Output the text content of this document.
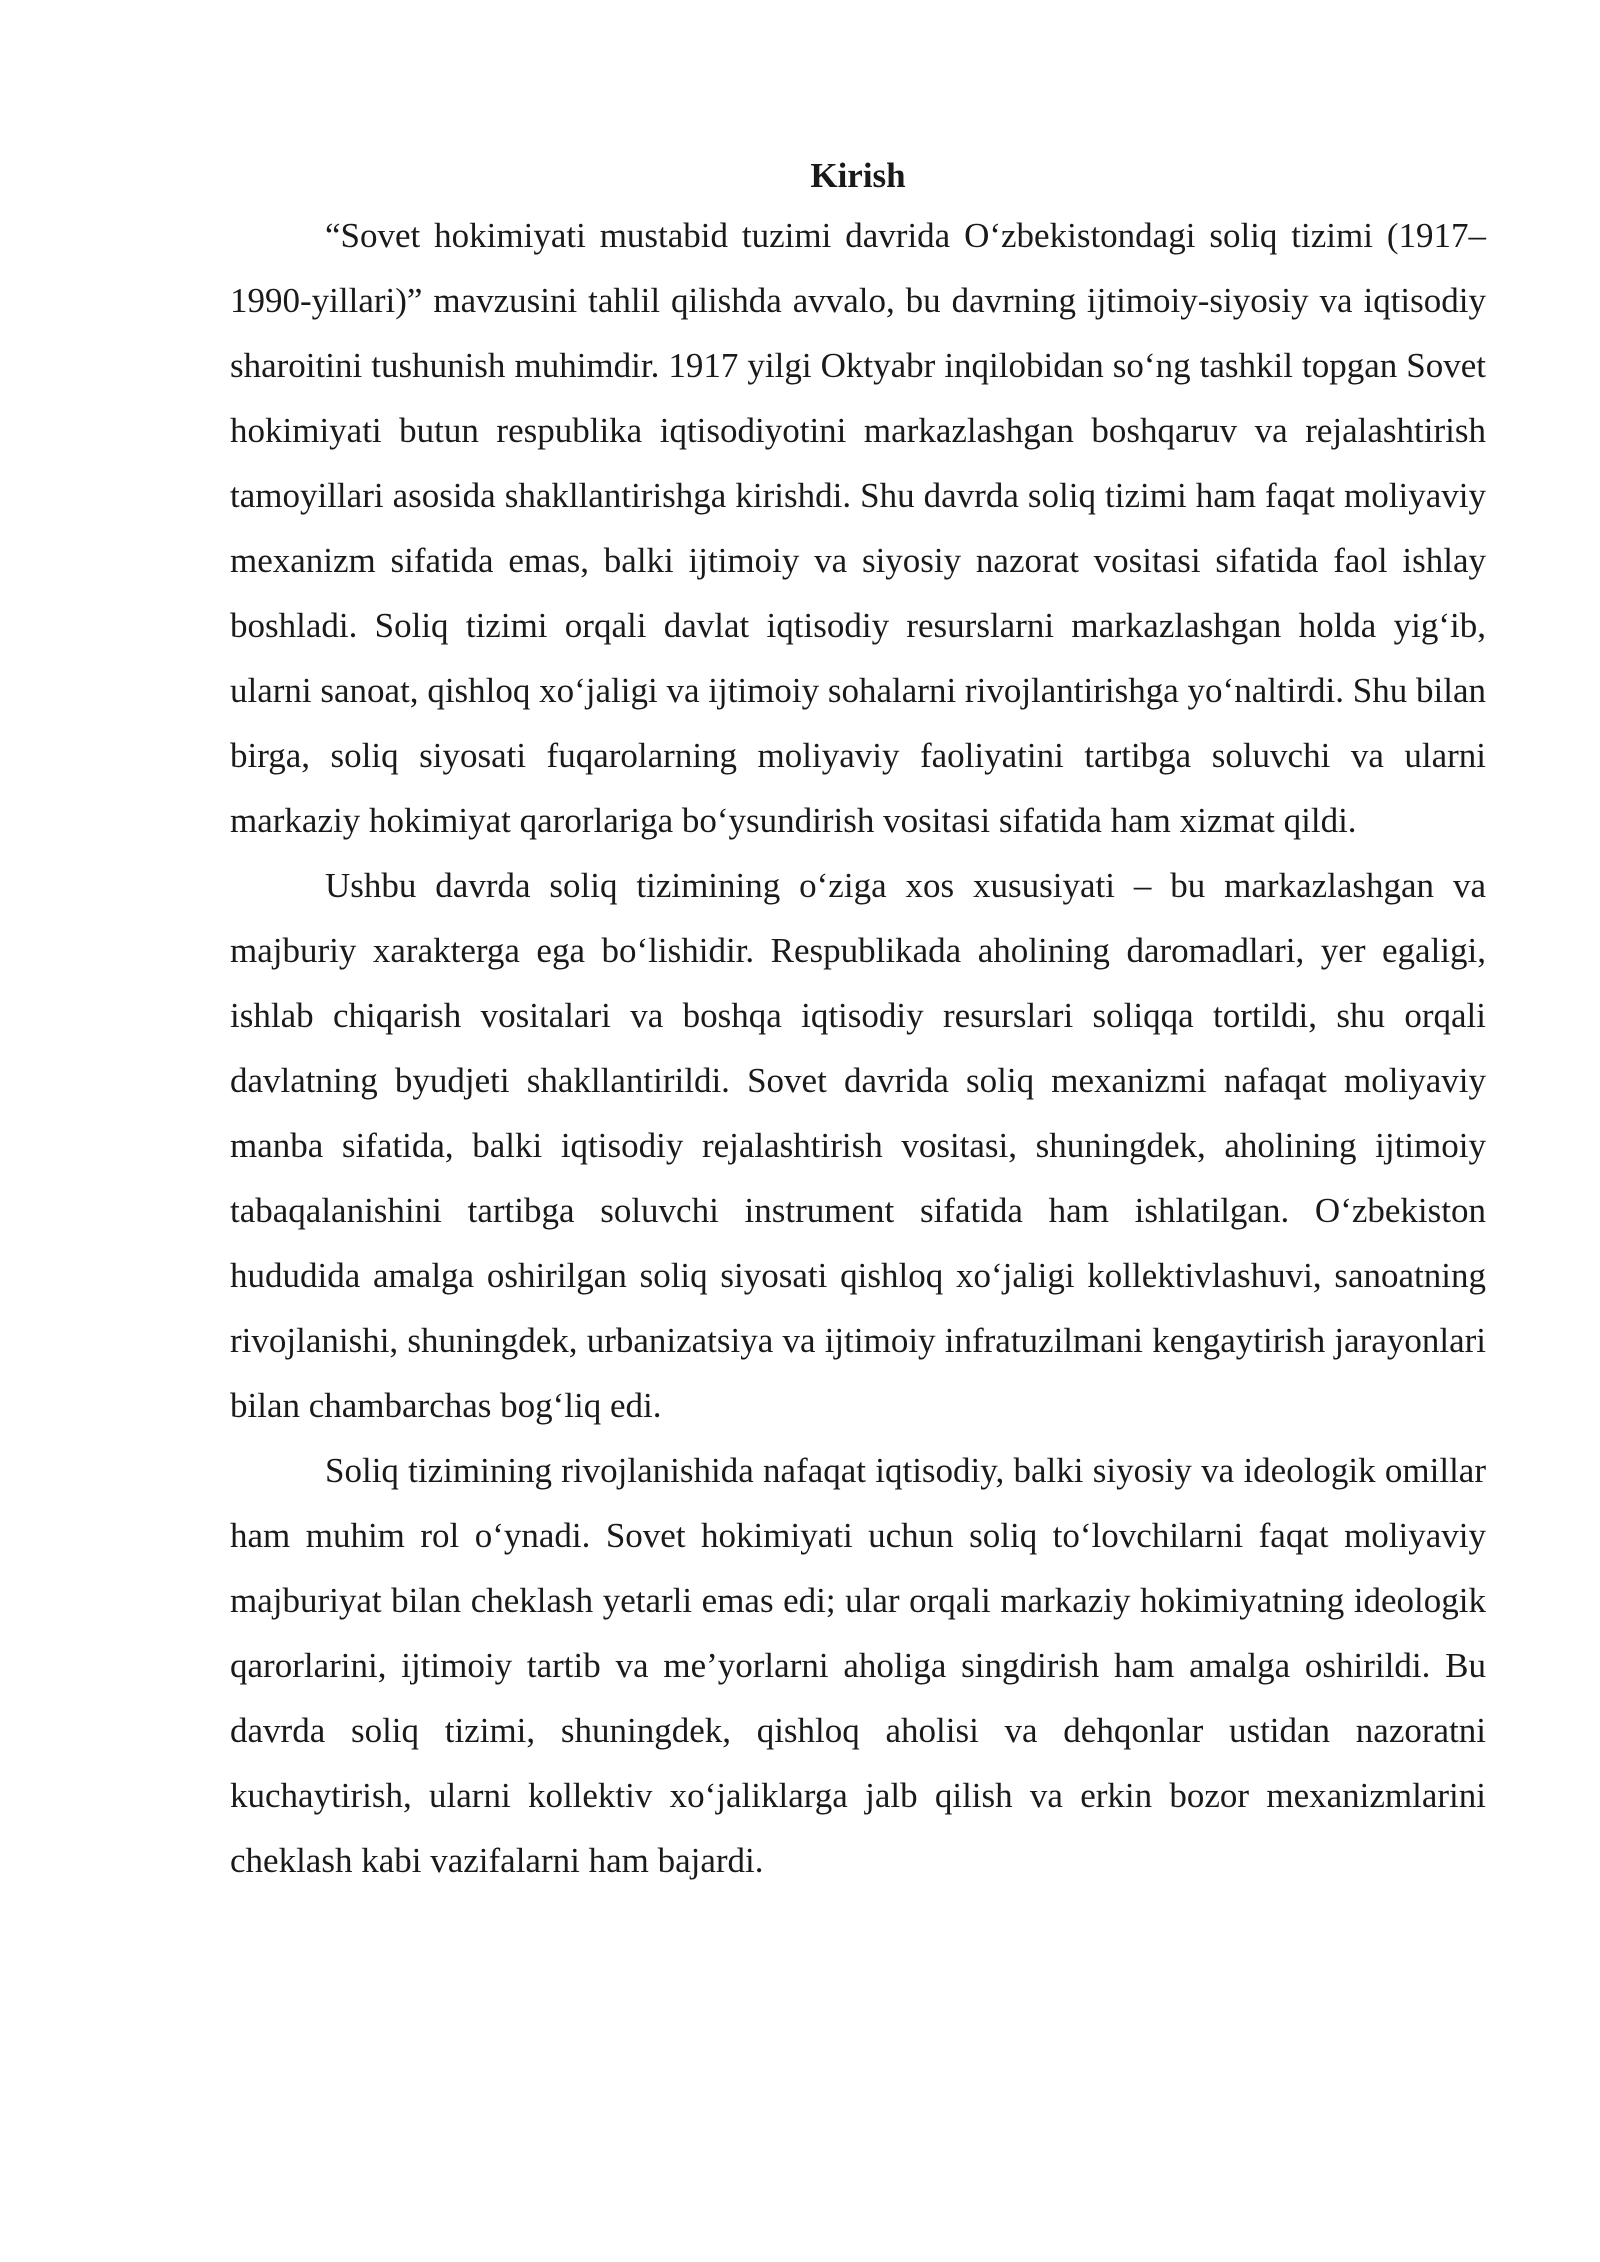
Kirish

“Sovet hokimiyati mustabid tuzimi davrida O‘zbekistondagi soliq tizimi (1917–1990-yillari)” mavzusini tahlil qilishda avvalo, bu davrning ijtimoiy-siyosiy va iqtisodiy sharoitini tushunish muhimdir. 1917 yilgi Oktyabr inqilobidan so‘ng tashkil topgan Sovet hokimiyati butun respublika iqtisodiyotini markazlashgan boshqaruv va rejalashtirish tamoyillari asosida shakllantirishga kirishdi. Shu davrda soliq tizimi ham faqat moliyaviy mexanizm sifatida emas, balki ijtimoiy va siyosiy nazorat vositasi sifatida faol ishlay boshladi. Soliq tizimi orqali davlat iqtisodiy resurslarni markazlashgan holda yig‘ib, ularni sanoat, qishloq xo‘jaligi va ijtimoiy sohalarni rivojlantirishga yo‘naltirdi. Shu bilan birga, soliq siyosati fuqarolarning moliyaviy faoliyatini tartibga soluvchi va ularni markaziy hokimiyat qarorlariga bo‘ysundirish vositasi sifatida ham xizmat qildi.

Ushbu davrda soliq tizimining o‘ziga xos xususiyati – bu markazlashgan va majburiy xarakterga ega bo‘lishidir. Respublikada aholining daromadlari, yer egaligi, ishlab chiqarish vositalari va boshqa iqtisodiy resurslari soliqqa tortildi, shu orqali davlatning byudjeti shakllantirildi. Sovet davrida soliq mexanizmi nafaqat moliyaviy manba sifatida, balki iqtisodiy rejalashtirish vositasi, shuningdek, aholining ijtimoiy tabaqalanishini tartibga soluvchi instrument sifatida ham ishlatilgan. O‘zbekiston hududida amalga oshirilgan soliq siyosati qishloq xo‘jaligi kollektivlashuvi, sanoatning rivojlanishi, shuningdek, urbanizatsiya va ijtimoiy infratuzilmani kengaytirish jarayonlari bilan chambarchas bog‘liq edi.

Soliq tizimining rivojlanishida nafaqat iqtisodiy, balki siyosiy va ideologik omillar ham muhim rol o‘ynadi. Sovet hokimiyati uchun soliq to‘lovchilarni faqat moliyaviy majburiyat bilan cheklash yetarli emas edi; ular orqali markaziy hokimiyatning ideologik qarorlarini, ijtimoiy tartib va me’yorlarni aholiga singdirish ham amalga oshirildi. Bu davrda soliq tizimi, shuningdek, qishloq aholisi va dehqonlar ustidan nazoratni kuchaytirish, ularni kollektiv xo‘jaliklarga jalb qilish va erkin bozor mexanizmlarini cheklash kabi vazifalarni ham bajardi.
